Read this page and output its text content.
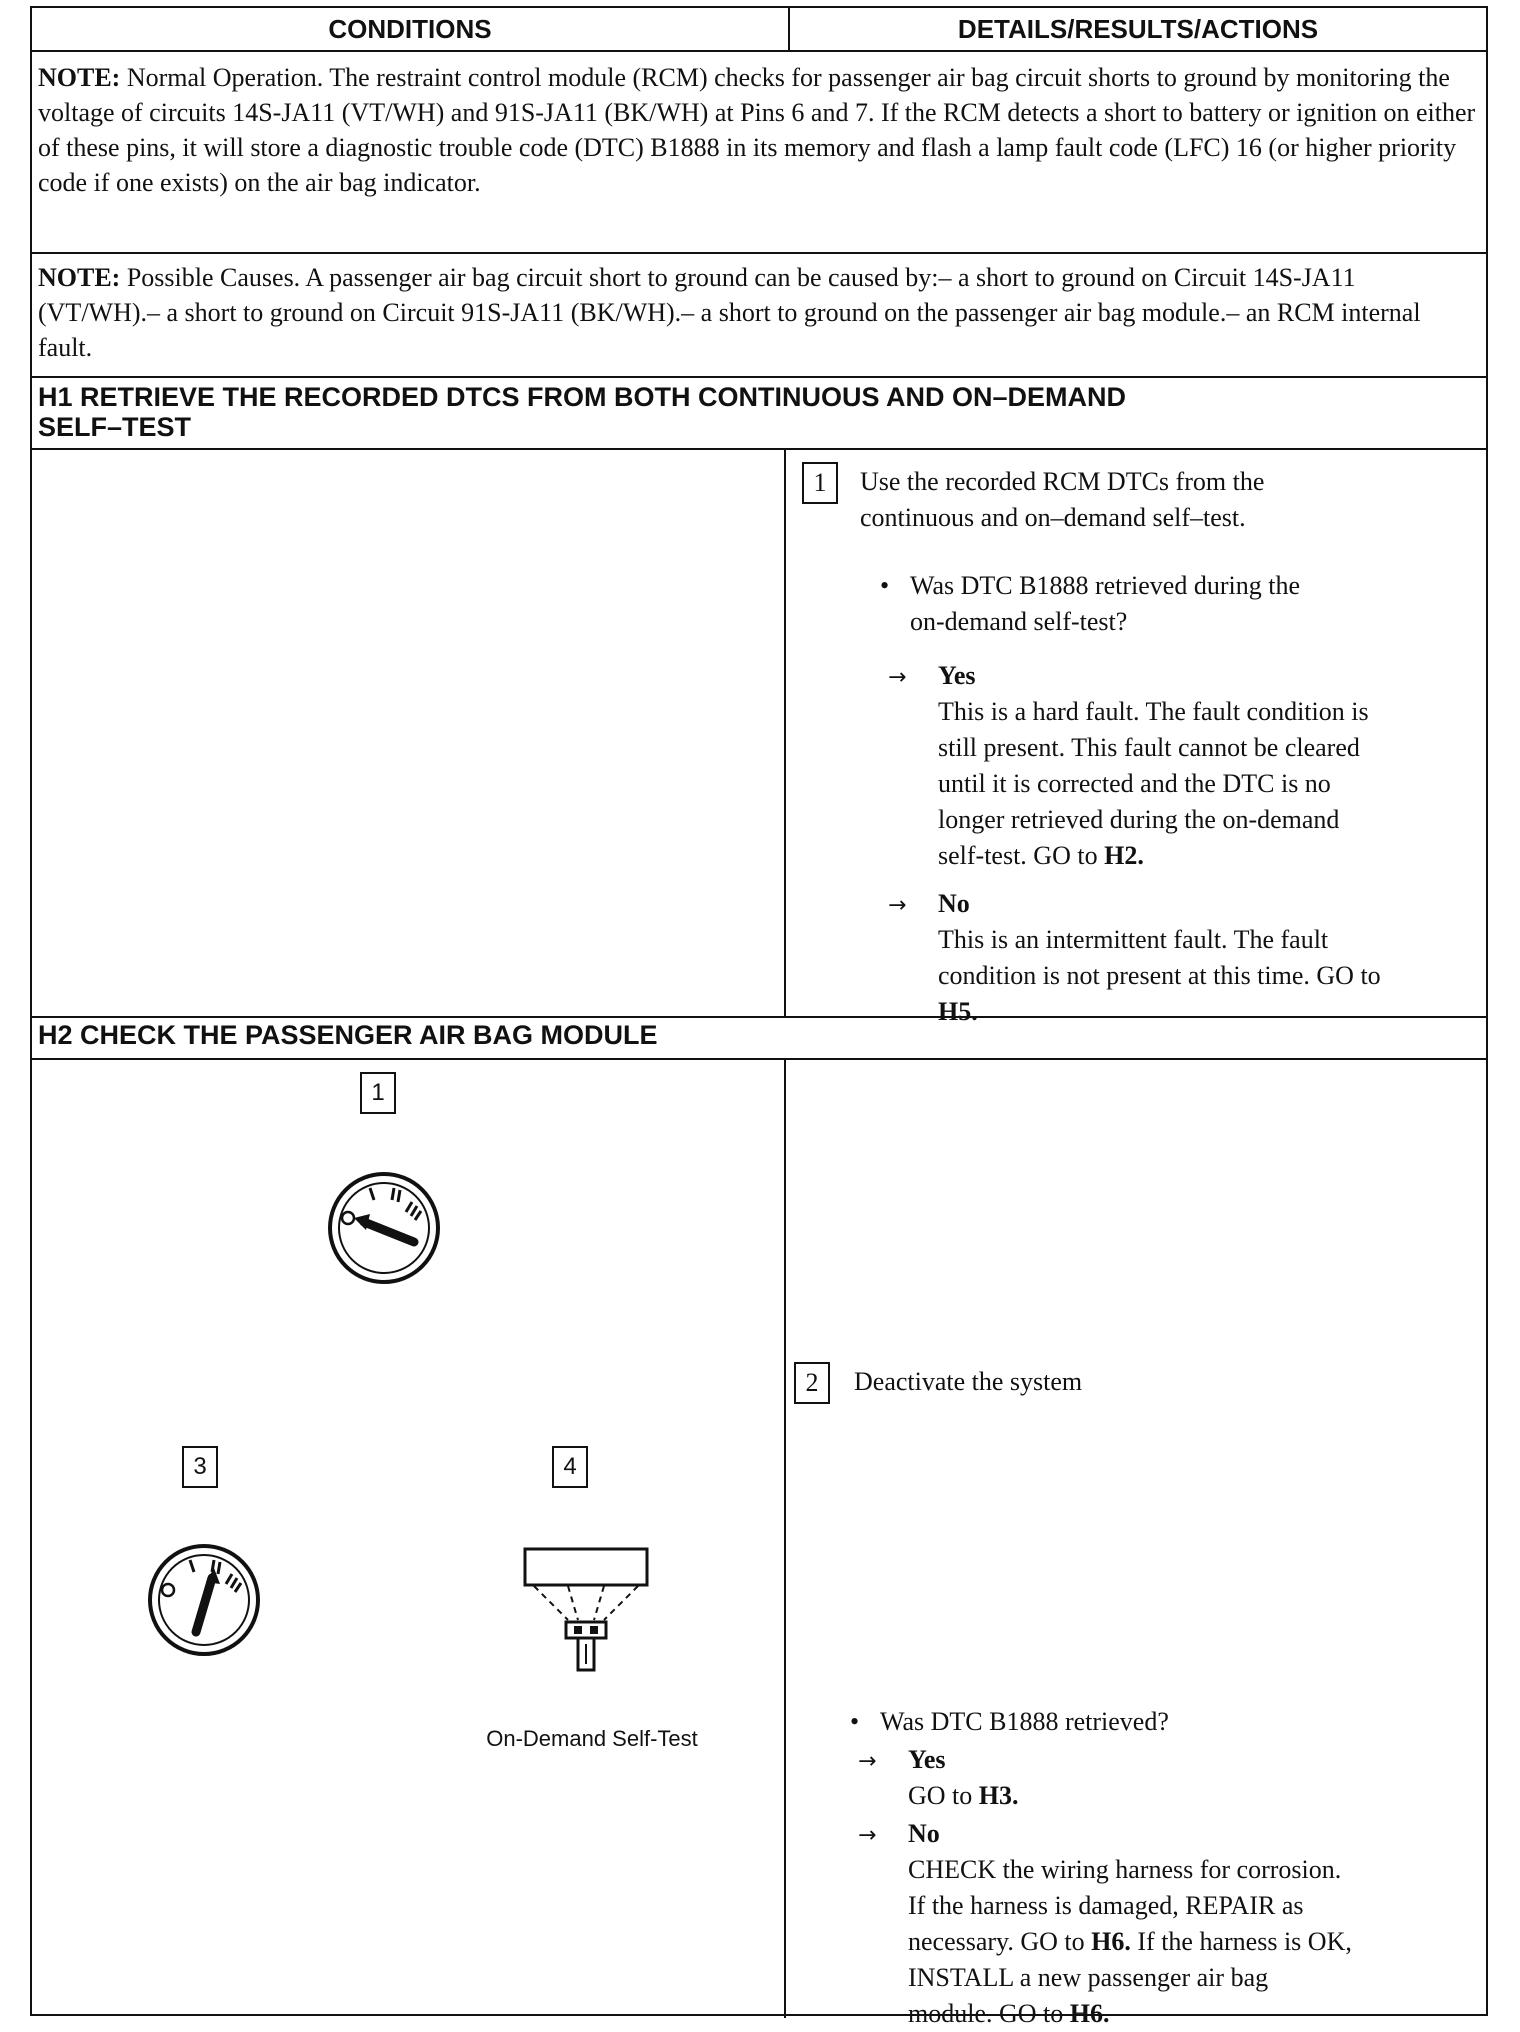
CONDITIONS	DETAILS/RESULTS/ACTIONS
NOTE: Normal Operation. The restraint control module (RCM) checks for passenger air bag circuit shorts to ground by monitoring the voltage of circuits 14S-JA11 (VT/WH) and 91S-JA11 (BK/WH) at Pins 6 and 7. If the RCM detects a short to battery or ignition on either of these pins, it will store a diagnostic trouble code (DTC) B1888 in its memory and flash a lamp fault code (LFC) 16 (or higher priority code if one exists) on the air bag indicator.
NOTE: Possible Causes. A passenger air bag circuit short to ground can be caused by:– a short to ground on Circuit 14S-JA11 (VT/WH).– a short to ground on Circuit 91S-JA11 (BK/WH).– a short to ground on the passenger air bag module.– an RCM internal fault.
H1 RETRIEVE THE RECORDED DTCS FROM BOTH CONTINUOUS AND ON–DEMAND
SELF–TEST
1	Use the recorded RCM DTCs from the
continuous and on–demand self–test.
• Was DTC B1888 retrieved during the
on-demand self-test?
→ Yes
This is a hard fault. The fault condition is
still present. This fault cannot be cleared
until it is corrected and the DTC is no
longer retrieved during the on-demand
self-test. GO to H2.
→ No
This is an intermittent fault. The fault
condition is not present at this time. GO to
H5.
H2 CHECK THE PASSENGER AIR BAG MODULE
1
3	4
On-Demand Self-Test
2	Deactivate the system
• Was DTC B1888 retrieved?
→ Yes
GO to H3.
→ No
CHECK the wiring harness for corrosion.
If the harness is damaged, REPAIR as
necessary. GO to H6. If the harness is OK,
INSTALL a new passenger air bag
module. GO to H6.
